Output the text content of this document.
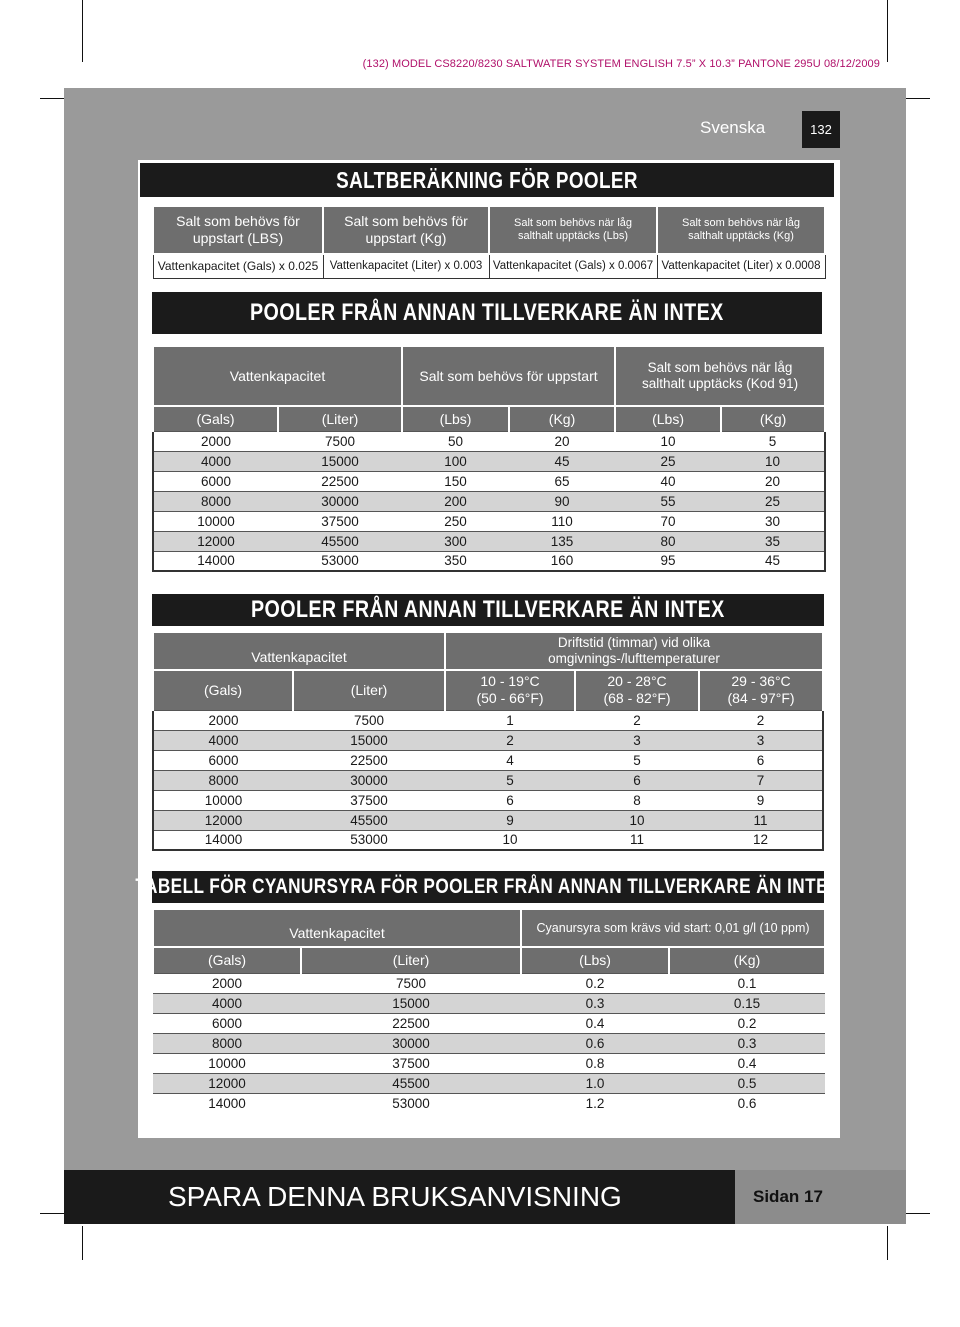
(132) MODEL CS8220/8230 SALTWATER SYSTEM ENGLISH 7.5” X 10.3” PANTONE 295U 08/12/2009
Svenska	132
SALTBERÄKNING FÖR POOLER
Salt som behövs för uppstart (LBS)	Salt som behövs för uppstart (Kg)	Salt som behövs när låg salthalt upptäcks (Lbs)	Salt som behövs när låg salthalt upptäcks (Kg)
Vattenkapacitet (Gals) x 0.025	Vattenkapacitet (Liter) x 0.003	Vattenkapacitet (Gals) x 0.0067	Vattenkapacitet (Liter) x 0.0008
POOLER FRÅN ANNAN TILLVERKARE ÄN INTEX
Vattenkapacitet		Salt som behövs för uppstart		Salt som behövs när låg salthalt upptäcks (Kod 91)	
(Gals)	(Liter)	(Lbs)	(Kg)	(Lbs)	(Kg)
2000	7500	50	20	10	5
4000	15000	100	45	25	10
6000	22500	150	65	40	20
8000	30000	200	90	55	25
10000	37500	250	110	70	30
12000	45500	300	135	80	35
14000	53000	350	160	95	45
POOLER FRÅN ANNAN TILLVERKARE ÄN INTEX
Vattenkapacitet		Driftstid (timmar) vid olika omgivnings-/lufttemperaturer		
(Gals)	(Liter)	10 - 19°C (50 - 66°F)	20 - 28°C (68 - 82°F)	29 - 36°C (84 - 97°F)
2000	7500	1	2	2
4000	15000	2	3	3
6000	22500	4	5	6
8000	30000	5	6	7
10000	37500	6	8	9
12000	45500	9	10	11
14000	53000	10	11	12
TABELL FÖR CYANURSYRA FÖR POOLER FRÅN ANNAN TILLVERKARE ÄN INTEX
Vattenkapacitet		Cyanursyra som krävs vid start: 0,01 g/l (10 ppm)	
(Gals)	(Liter)	(Lbs)	(Kg)
2000	7500	0.2	0.1
4000	15000	0.3	0.15
6000	22500	0.4	0.2
8000	30000	0.6	0.3
10000	37500	0.8	0.4
12000	45500	1.0	0.5
14000	53000	1.2	0.6
SPARA DENNA BRUKSANVISNING	Sidan 17
